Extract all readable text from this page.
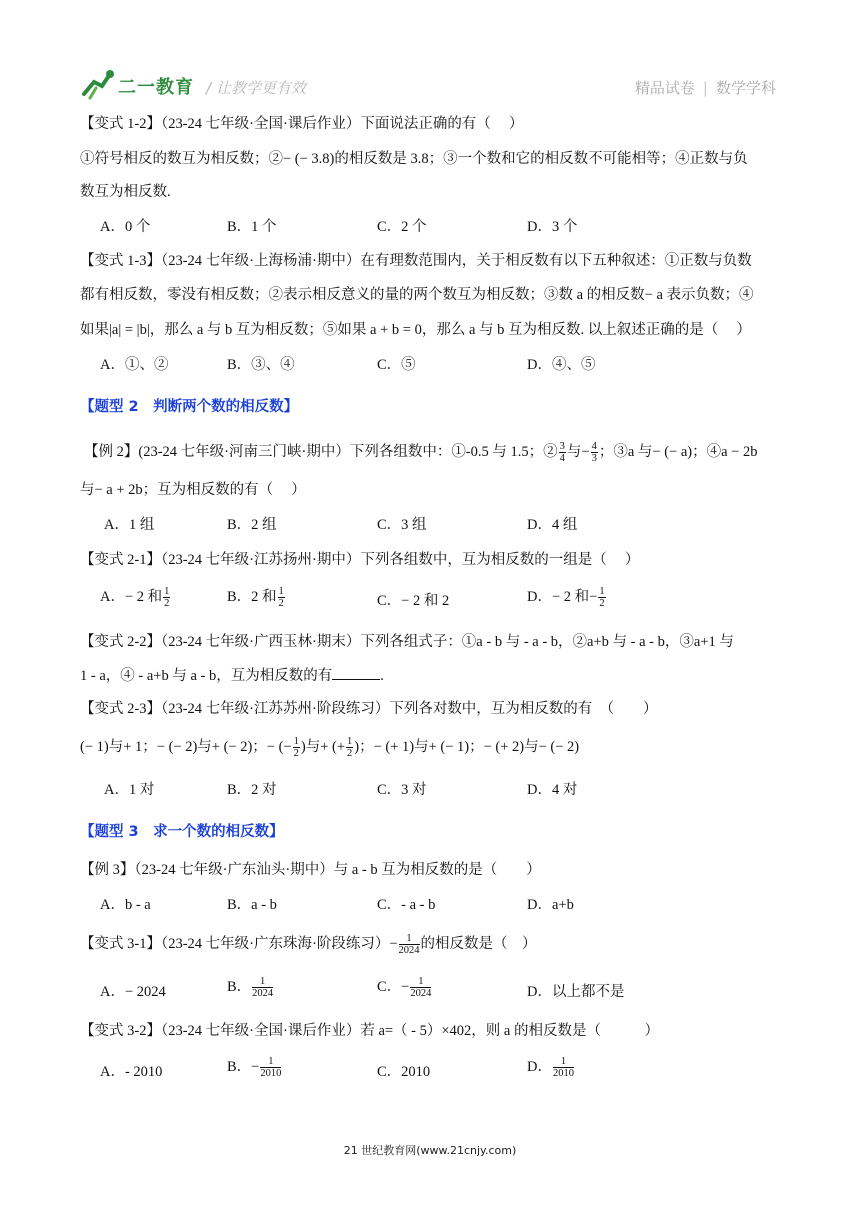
二一教育 / 让教学更有效	精品试卷 | 数学学科
【变式 1-2】（23-24 七年级·全国·课后作业）下面说法正确的有（　 ）
①符号相反的数互为相反数；②− (− 3.8)的相反数是 3.8；③一个数和它的相反数不可能相等；④正数与负
数互为相反数.
A．0 个	B．1 个	C．2 个	D．3 个
【变式 1-3】（23-24 七年级·上海杨浦·期中）在有理数范围内，关于相反数有以下五种叙述：①正数与负数
都有相反数，零没有相反数；②表示相反意义的量的两个数互为相反数；③数 a 的相反数− a 表示负数；④
如果|a| = |b|，那么 a 与 b 互为相反数；⑤如果 a + b = 0，那么 a 与 b 互为相反数. 以上叙述正确的是（　 ）
A．①、②	B．③、④	C．⑤	D．④、⑤
【题型 2　判断两个数的相反数】
【例 2】(23-24 七年级·河南三门峡·期中）下列各组数中：①-0.5 与 1.5；② $\frac{3}{4}$ 与− $\frac{4}{3}$ ；③a 与− (− a)；④a − 2b
与− a + 2b；互为相反数的有（　 ）
A．1 组	B．2 组	C．3 组	D．4 组
【变式 2-1】（23-24 七年级·江苏扬州·期中）下列各组数中，互为相反数的一组是（　 ）
A．− 2 和 $\frac{1}{2}$	B．2 和 $\frac{1}{2}$	C．− 2 和 2	D．− 2 和− $\frac{1}{2}$
【变式 2-2】（23-24 七年级·广西玉林·期末）下列各组式子：①a - b 与 - a - b，②a+b 与 - a - b，③a+1 与
1 - a，④ - a+b 与 a - b，互为相反数的有	.
【变式 2-3】（23-24 七年级·江苏苏州·阶段练习）下列各对数中，互为相反数的有　（　　）
(− 1)与+ 1；− (− 2)与+ (− 2)；− (− $\frac{1}{2}$ )与+ (+ $\frac{1}{2}$ )；− (+ 1)与+ (− 1)；− (+ 2)与− (− 2)
A．1 对	B．2 对	C．3 对	D．4 对
【题型 3　求一个数的相反数】
【例 3】（23-24 七年级·广东汕头·期中）与 a - b 互为相反数的是（　　）
A．b - a	B．a - b	C．- a - b	D．a+b
【变式 3-1】（23-24 七年级·广东珠海·阶段练习）− $\frac{1}{2024}$ 的相反数是（　）
A．− 2024	B． $\frac{1}{2024}$	C．− $\frac{1}{2024}$	D．以上都不是
【变式 3-2】（23-24 七年级·全国·课后作业）若 a=（ - 5）×402，则 a 的相反数是（　　　）
A．- 2010	B．− $\frac{1}{2010}$	C．2010	D． $\frac{1}{2010}$
21 世纪教育网(www.21cnjy.com)
